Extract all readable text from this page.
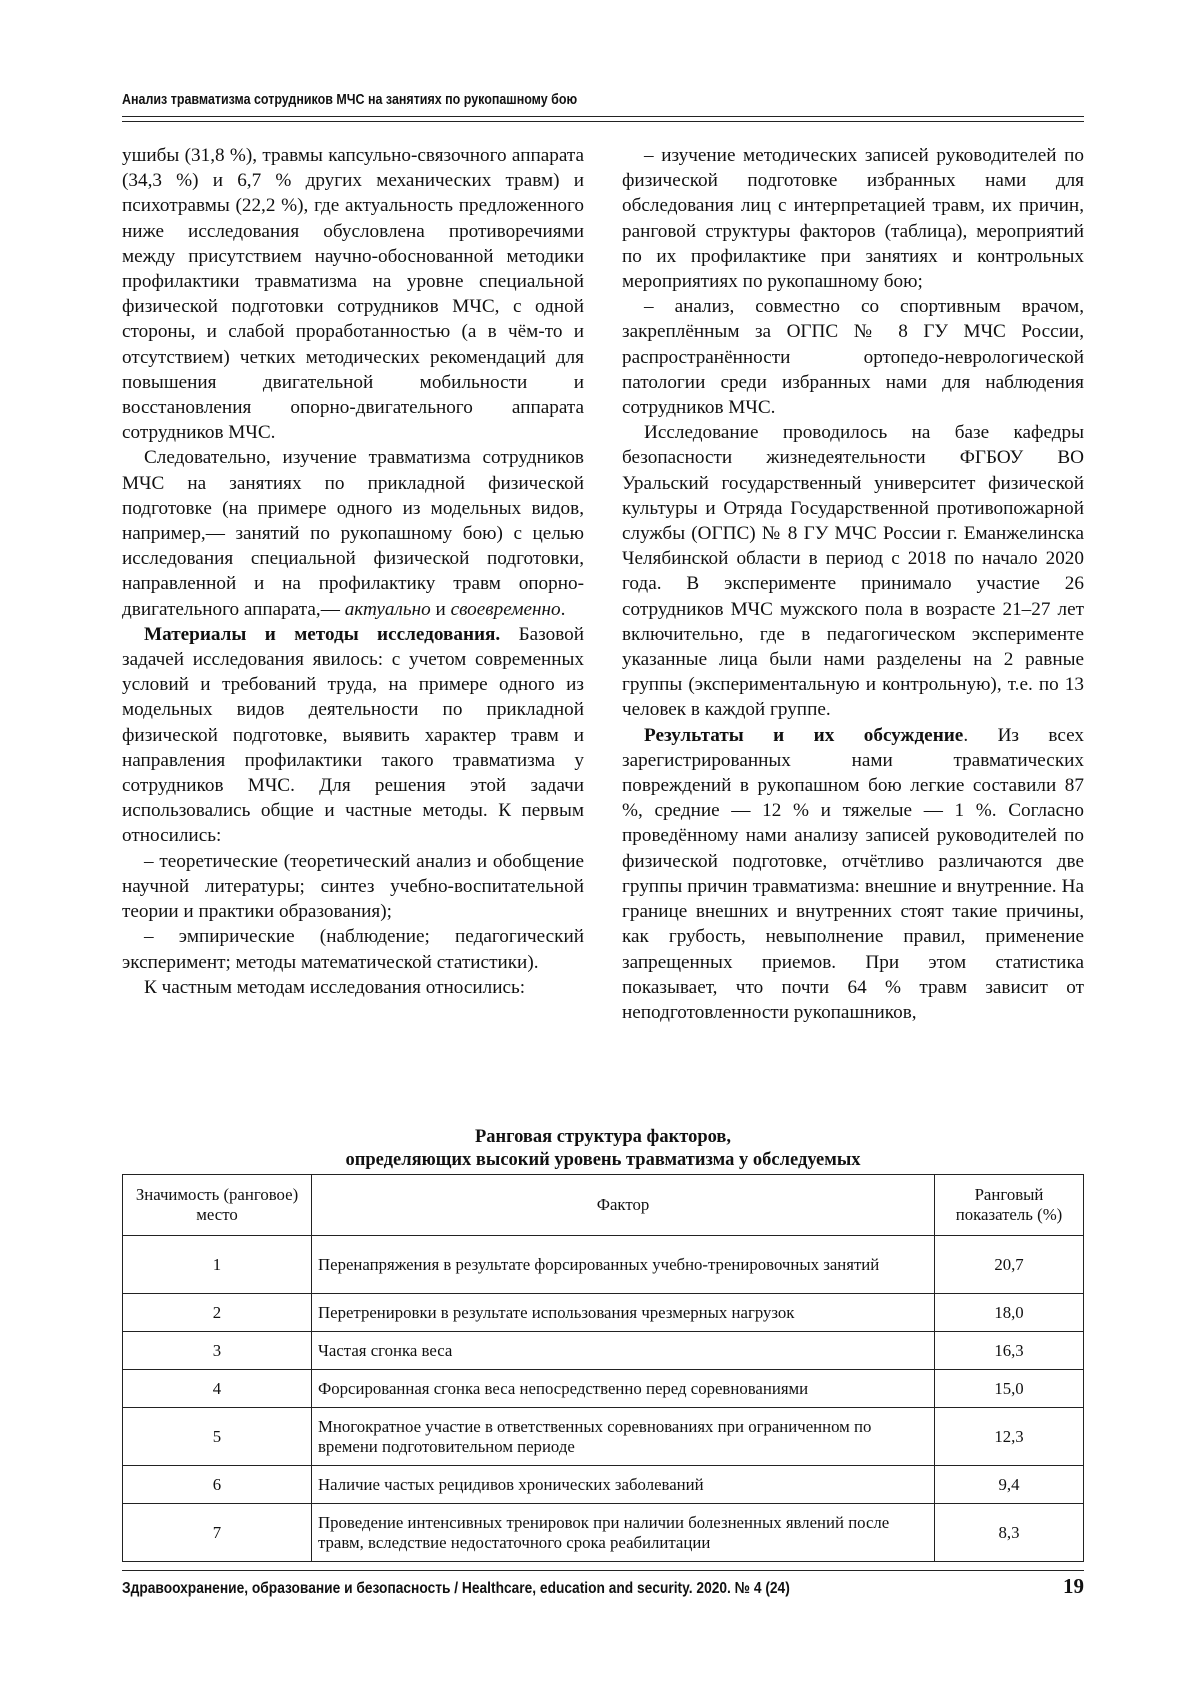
Анализ травматизма сотрудников МЧС на занятиях по рукопашному бою

ушибы (31,8 %), травмы капсульно-связочного аппарата (34,3 %) и 6,7 % других механических травм) и психотравмы (22,2 %), где актуальность предложенного ниже исследования обусловлена противоречиями между присутствием научно-обоснованной методики профилактики травматизма на уровне специальной физической подготовки сотрудников МЧС, с одной стороны, и слабой проработанностью (а в чём-то и отсутствием) четких методических рекомендаций для повышения двигательной мобильности и восстановления опорно-двигательного аппарата сотрудников МЧС.

Следовательно, изучение травматизма сотрудников МЧС на занятиях по прикладной физической подготовке (на примере одного из модельных видов, например,— занятий по рукопашному бою) с целью исследования специальной физической подготовки, направленной и на профилактику травм опорно-двигательного аппарата,— актуально и своевременно.

Материалы и методы исследования. Базовой задачей исследования явилось: с учетом современных условий и требований труда, на примере одного из модельных видов деятельности по прикладной физической подготовке, выявить характер травм и направления профилактики такого травматизма у сотрудников МЧС. Для решения этой задачи использовались общие и частные методы. К первым относились:

– теоретические (теоретический анализ и обобщение научной литературы; синтез учебно-воспитательной теории и практики образования);

– эмпирические (наблюдение; педагогический эксперимент; методы математической статистики).

К частным методам исследования относились:

– изучение методических записей руководителей по физической подготовке избранных нами для обследования лиц с интерпретацией травм, их причин, ранговой структуры факторов (таблица), мероприятий по их профилактике при занятиях и контрольных мероприятиях по рукопашному бою;

– анализ, совместно со спортивным врачом, закреплённым за ОГПС № 8 ГУ МЧС России, распространённости ортопедо-неврологической патологии среди избранных нами для наблюдения сотрудников МЧС.

Исследование проводилось на базе кафедры безопасности жизнедеятельности ФГБОУ ВО Уральский государственный университет физической культуры и Отряда Государственной противопожарной службы (ОГПС) № 8 ГУ МЧС России г. Еманжелинска Челябинской области в период с 2018 по начало 2020 года. В эксперименте принимало участие 26 сотрудников МЧС мужского пола в возрасте 21–27 лет включительно, где в педагогическом эксперименте указанные лица были нами разделены на 2 равные группы (экспериментальную и контрольную), т.е. по 13 человек в каждой группе.

Результаты и их обсуждение. Из всех зарегистрированных нами травматических повреждений в рукопашном бою легкие составили 87 %, средние — 12 % и тяжелые — 1 %. Согласно проведённому нами анализу записей руководителей по физической подготовке, отчётливо различаются две группы причин травматизма: внешние и внутренние. На границе внешних и внутренних стоят такие причины, как грубость, невыполнение правил, применение запрещенных приемов. При этом статистика показывает, что почти 64 % травм зависит от неподготовленности рукопашников,

Ранговая структура факторов,
определяющих высокий уровень травматизма у обследуемых
Значимость (ранговое) место	Фактор	Ранговый показатель (%)
1	Перенапряжения в результате форсированных учебно-тренировочных занятий	20,7
2	Перетренировки в результате использования чрезмерных нагрузок	18,0
3	Частая сгонка веса	16,3
4	Форсированная сгонка веса непосредственно перед соревнованиями	15,0
5	Многократное участие в ответственных соревнованиях при ограниченном по времени подготовительном периоде	12,3
6	Наличие частых рецидивов хронических заболеваний	9,4
7	Проведение интенсивных тренировок при наличии болезненных явлений после травм, вследствие недостаточного срока реабилитации	8,3
Здравоохранение, образование и безопасность / Healthcare, education and security. 2020. № 4 (24)	19
